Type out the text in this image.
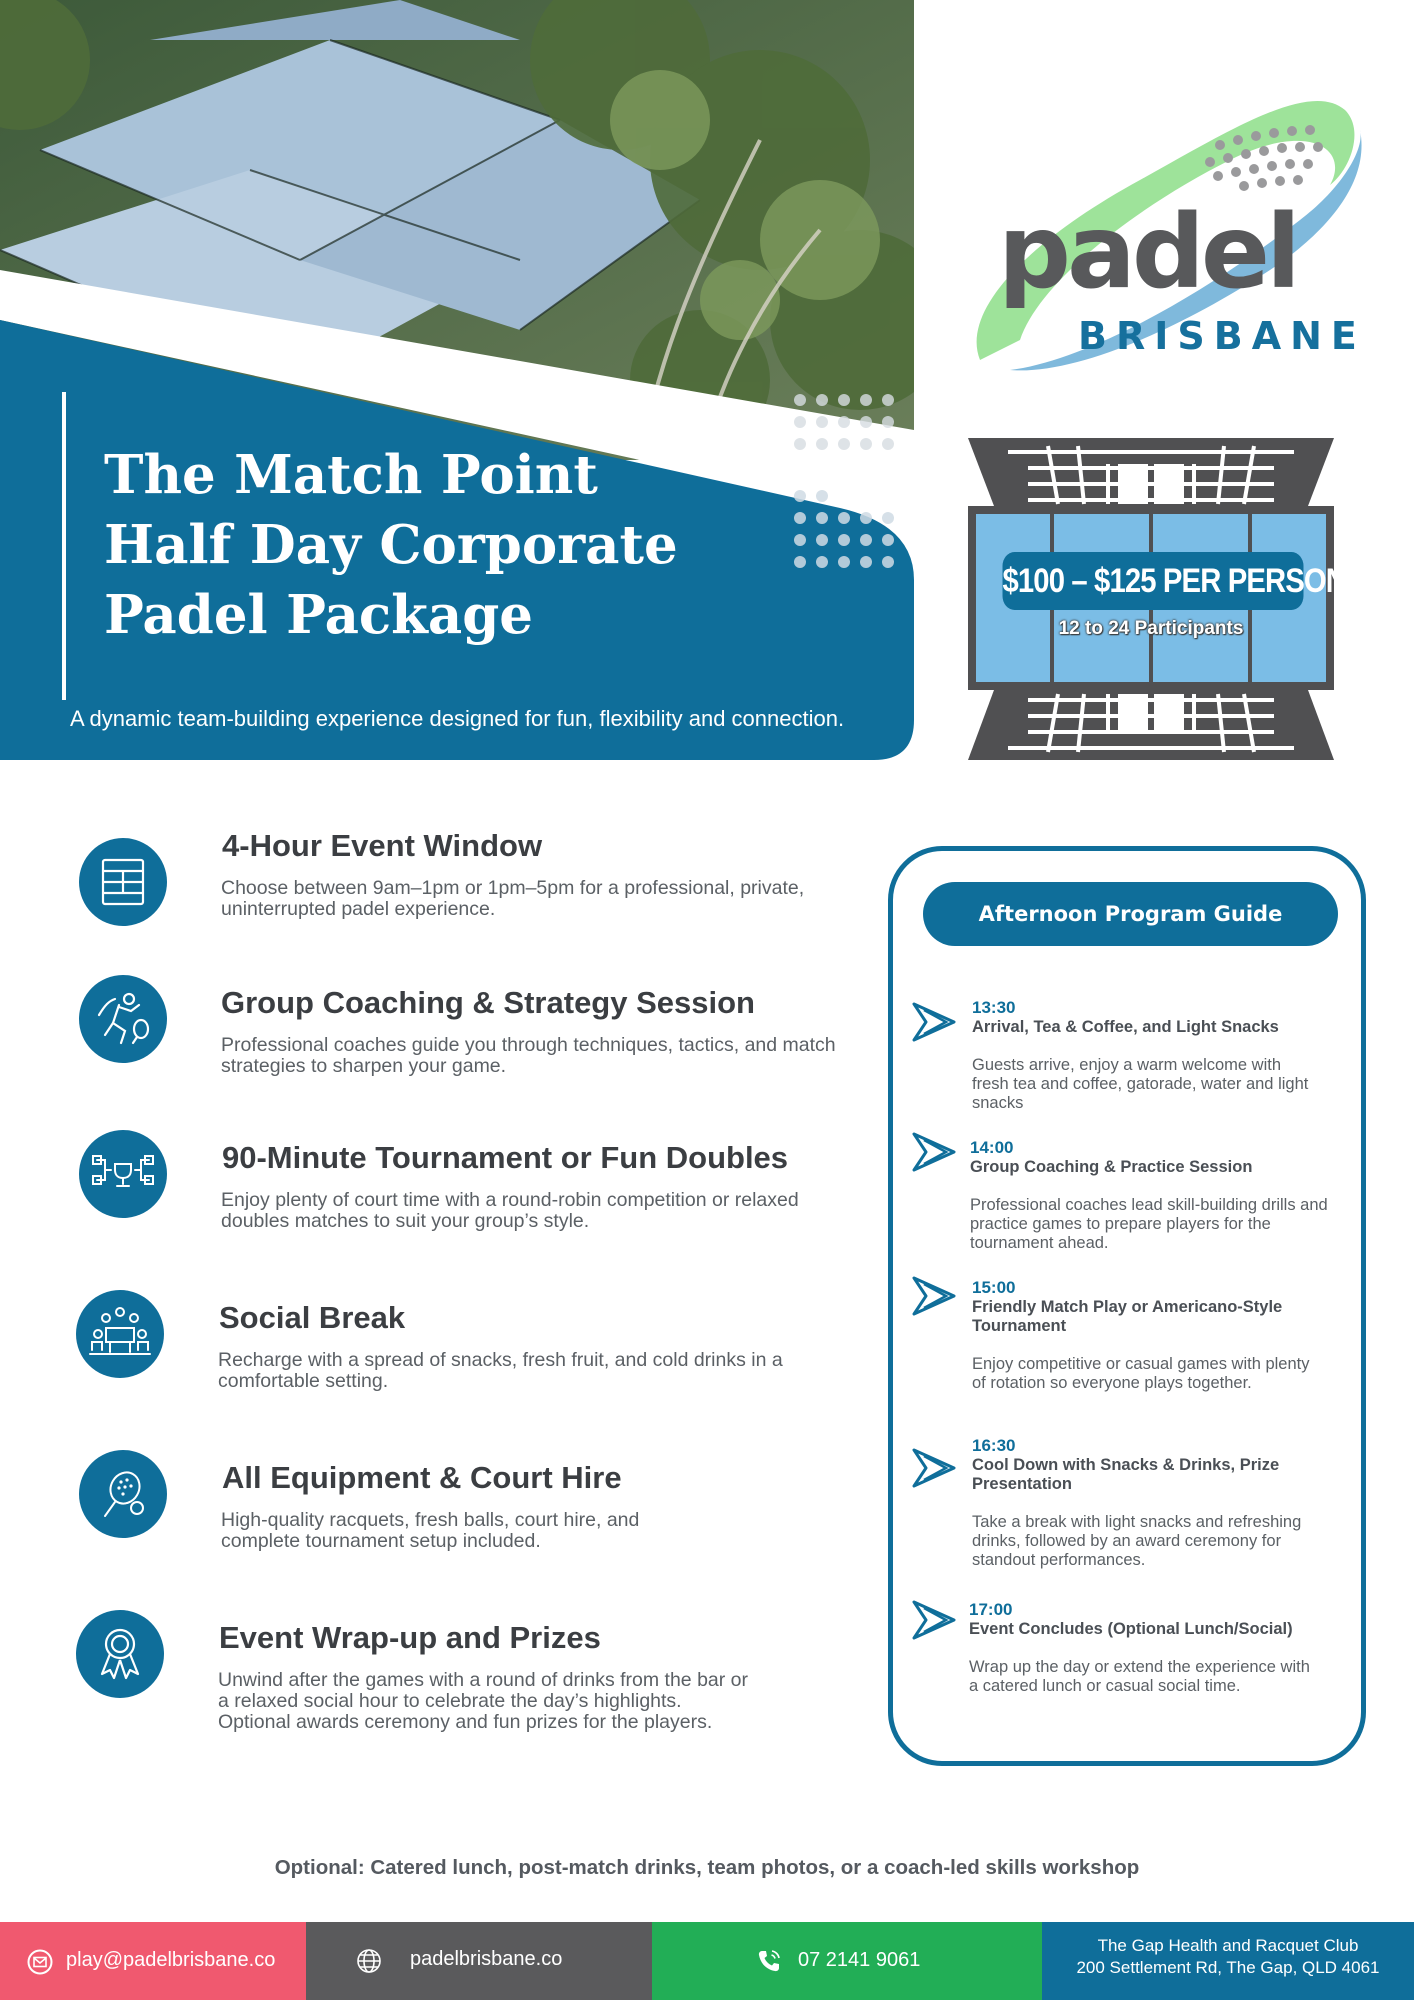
The Match Point
Half Day Corporate
Padel Package
A dynamic team-building experience designed for fun, flexibility and connection.
padel
BRISBANE
$100 – $125 PER PERSON
12 to 24 Participants
4-Hour Event Window
Choose between 9am–1pm or 1pm–5pm for a professional, private, uninterrupted padel experience.
Group Coaching & Strategy Session
Professional coaches guide you through techniques, tactics, and match strategies to sharpen your game.
90-Minute Tournament or Fun Doubles
Enjoy plenty of court time with a round-robin competition or relaxed doubles matches to suit your group’s style.
Social Break
Recharge with a spread of snacks, fresh fruit, and cold drinks in a comfortable setting.
All Equipment & Court Hire
High-quality racquets, fresh balls, court hire, and complete tournament setup included.
Event Wrap-up and Prizes
Unwind after the games with a round of drinks from the bar or a relaxed social hour to celebrate the day’s highlights. Optional awards ceremony and fun prizes for the players.
Afternoon Program Guide
13:30
Arrival, Tea & Coffee, and Light Snacks
Guests arrive, enjoy a warm welcome with fresh tea and coffee, gatorade, water and light snacks
14:00
Group Coaching & Practice Session
Professional coaches lead skill-building drills and practice games to prepare players for the tournament ahead.
15:00
Friendly Match Play or Americano-Style Tournament
Enjoy competitive or casual games with plenty of rotation so everyone plays together.
16:30
Cool Down with Snacks & Drinks, Prize Presentation
Take a break with light snacks and refreshing drinks, followed by an award ceremony for standout performances.
17:00
Event Concludes (Optional Lunch/Social)
Wrap up the day or extend the experience with a catered lunch or casual social time.
Optional: Catered lunch, post-match drinks, team photos, or a coach-led skills workshop
play@padelbrisbane.co	padelbrisbane.co	07 2141 9061
The Gap Health and Racquet Club
200 Settlement Rd, The Gap, QLD 4061
